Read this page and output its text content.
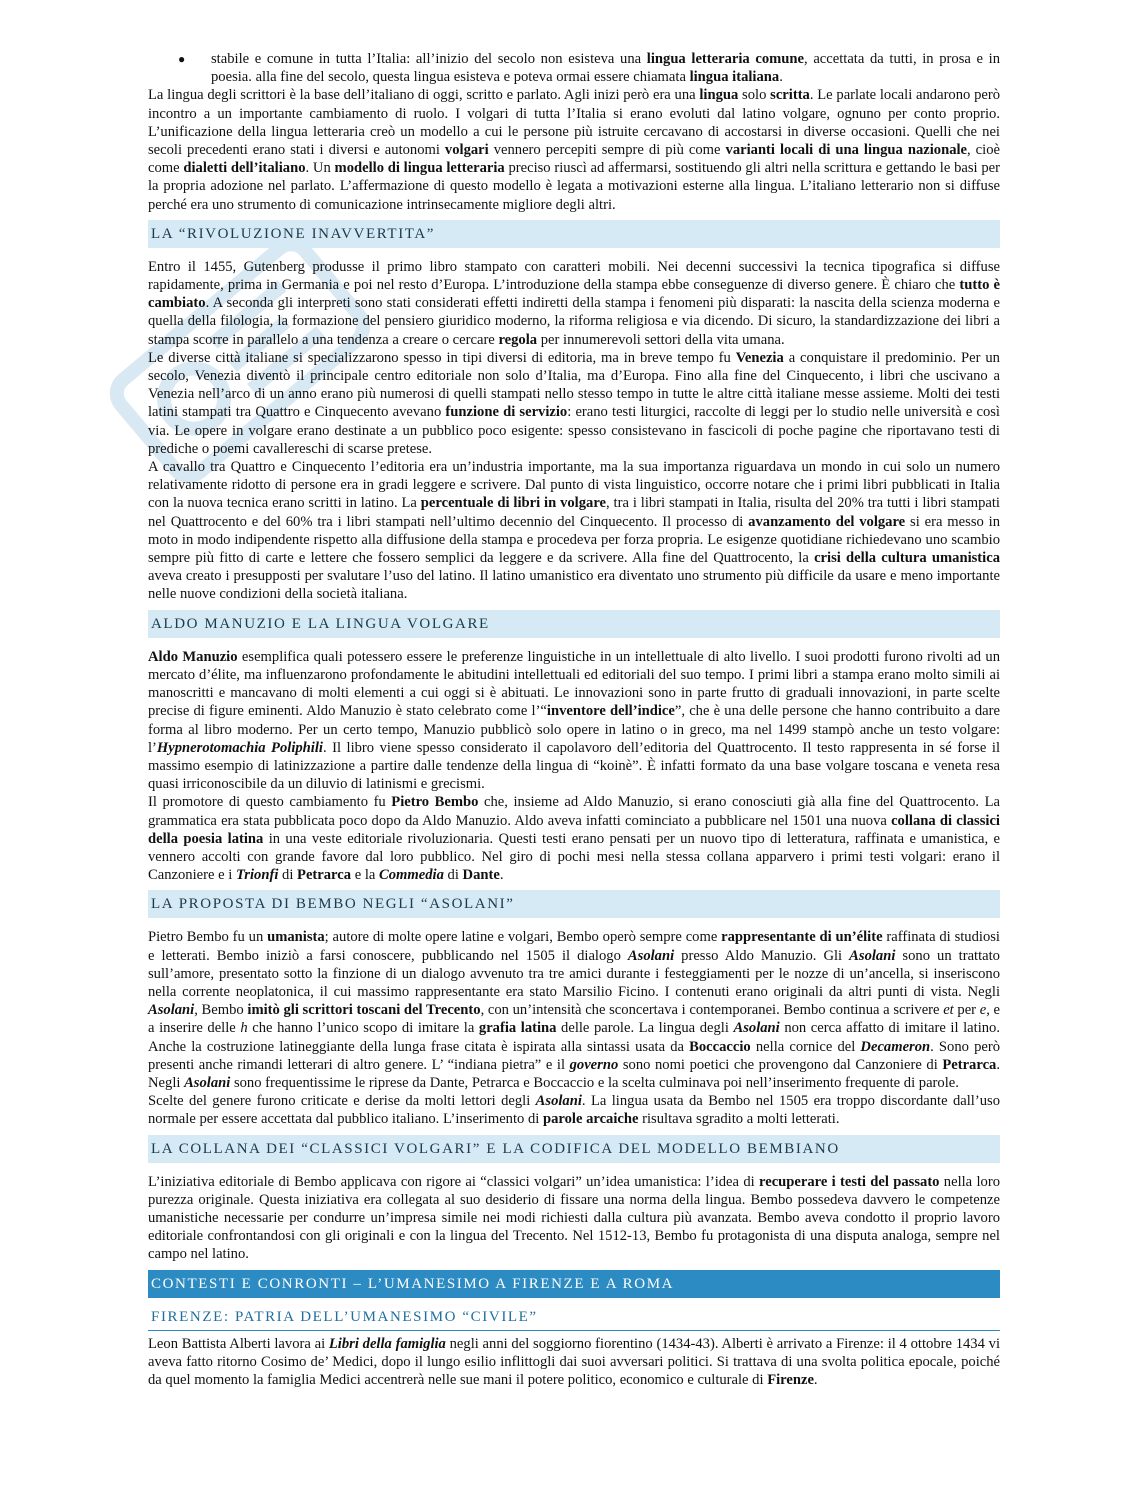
●	stabile e comune in tutta l’Italia: all’inizio del secolo non esisteva una lingua letteraria comune, accettata da tutti, in prosa e in poesia. alla fine del secolo, questa lingua esisteva e poteva ormai essere chiamata lingua italiana.

La lingua degli scrittori è la base dell’italiano di oggi, scritto e parlato. Agli inizi però era una lingua solo scritta. Le parlate locali andarono però incontro a un importante cambiamento di ruolo. I volgari di tutta l’Italia si erano evoluti dal latino volgare, ognuno per conto proprio. L’unificazione della lingua letteraria creò un modello a cui le persone più istruite cercavano di accostarsi in diverse occasioni. Quelli che nei secoli precedenti erano stati i diversi e autonomi volgari vennero percepiti sempre di più come varianti locali di una lingua nazionale, cioè come dialetti dell’italiano. Un modello di lingua letteraria preciso riuscì ad affermarsi, sostituendo gli altri nella scrittura e gettando le basi per la propria adozione nel parlato. L’affermazione di questo modello è legata a motivazioni esterne alla lingua. L’italiano letterario non si diffuse perché era uno strumento di comunicazione intrinsecamente migliore degli altri.

LA “RIVOLUZIONE INAVVERTITA”

Entro il 1455, Gutenberg produsse il primo libro stampato con caratteri mobili. Nei decenni successivi la tecnica tipografica si diffuse rapidamente, prima in Germania e poi nel resto d’Europa. L’introduzione della stampa ebbe conseguenze di diverso genere. È chiaro che tutto è cambiato. A seconda gli interpreti sono stati considerati effetti indiretti della stampa i fenomeni più disparati: la nascita della scienza moderna e quella della filologia, la formazione del pensiero giuridico moderno, la riforma religiosa e via dicendo. Di sicuro, la standardizzazione dei libri a stampa scorre in parallelo a una tendenza a creare o cercare regola per innumerevoli settori della vita umana.

Le diverse città italiane si specializzarono spesso in tipi diversi di editoria, ma in breve tempo fu Venezia a conquistare il predominio. Per un secolo, Venezia diventò il principale centro editoriale non solo d’Italia, ma d’Europa. Fino alla fine del Cinquecento, i libri che uscivano a Venezia nell’arco di un anno erano più numerosi di quelli stampati nello stesso tempo in tutte le altre città italiane messe assieme. Molti dei testi latini stampati tra Quattro e Cinquecento avevano funzione di servizio: erano testi liturgici, raccolte di leggi per lo studio nelle università e così via. Le opere in volgare erano destinate a un pubblico poco esigente: spesso consistevano in fascicoli di poche pagine che riportavano testi di prediche o poemi cavallereschi di scarse pretese.

A cavallo tra Quattro e Cinquecento l’editoria era un’industria importante, ma la sua importanza riguardava un mondo in cui solo un numero relativamente ridotto di persone era in gradi leggere e scrivere. Dal punto di vista linguistico, occorre notare che i primi libri pubblicati in Italia con la nuova tecnica erano scritti in latino. La percentuale di libri in volgare, tra i libri stampati in Italia, risulta del 20% tra tutti i libri stampati nel Quattrocento e del 60% tra i libri stampati nell’ultimo decennio del Cinquecento. Il processo di avanzamento del volgare si era messo in moto in modo indipendente rispetto alla diffusione della stampa e procedeva per forza propria. Le esigenze quotidiane richiedevano uno scambio sempre più fitto di carte e lettere che fossero semplici da leggere e da scrivere. Alla fine del Quattrocento, la crisi della cultura umanistica aveva creato i presupposti per svalutare l’uso del latino. Il latino umanistico era diventato uno strumento più difficile da usare e meno importante nelle nuove condizioni della società italiana.

ALDO MANUZIO E LA LINGUA VOLGARE

Aldo Manuzio esemplifica quali potessero essere le preferenze linguistiche in un intellettuale di alto livello. I suoi prodotti furono rivolti ad un mercato d’élite, ma influenzarono profondamente le abitudini intellettuali ed editoriali del suo tempo. I primi libri a stampa erano molto simili ai manoscritti e mancavano di molti elementi a cui oggi si è abituati. Le innovazioni sono in parte frutto di graduali innovazioni, in parte scelte precise di figure eminenti. Aldo Manuzio è stato celebrato come l’“inventore dell’indice”, che è una delle persone che hanno contribuito a dare forma al libro moderno. Per un certo tempo, Manuzio pubblicò solo opere in latino o in greco, ma nel 1499 stampò anche un testo volgare: l’Hypnerotomachia Poliphili. Il libro viene spesso considerato il capolavoro dell’editoria del Quattrocento. Il testo rappresenta in sé forse il massimo esempio di latinizzazione a partire dalle tendenze della lingua di “koinè”. È infatti formato da una base volgare toscana e veneta resa quasi irriconoscibile da un diluvio di latinismi e grecismi.

Il promotore di questo cambiamento fu Pietro Bembo che, insieme ad Aldo Manuzio, si erano conosciuti già alla fine del Quattrocento. La grammatica era stata pubblicata poco dopo da Aldo Manuzio. Aldo aveva infatti cominciato a pubblicare nel 1501 una nuova collana di classici della poesia latina in una veste editoriale rivoluzionaria. Questi testi erano pensati per un nuovo tipo di letteratura, raffinata e umanistica, e vennero accolti con grande favore dal loro pubblico. Nel giro di pochi mesi nella stessa collana apparvero i primi testi volgari: erano il Canzoniere e i Trionfi di Petrarca e la Commedia di Dante.

LA PROPOSTA DI BEMBO NEGLI “ASOLANI”

Pietro Bembo fu un umanista; autore di molte opere latine e volgari, Bembo operò sempre come rappresentante di un’élite raffinata di studiosi e letterati. Bembo iniziò a farsi conoscere, pubblicando nel 1505 il dialogo Asolani presso Aldo Manuzio. Gli Asolani sono un trattato sull’amore, presentato sotto la finzione di un dialogo avvenuto tra tre amici durante i festeggiamenti per le nozze di un’ancella, si inseriscono nella corrente neoplatonica, il cui massimo rappresentante era stato Marsilio Ficino. I contenuti erano originali da altri punti di vista. Negli Asolani, Bembo imitò gli scrittori toscani del Trecento, con un’intensità che sconcertava i contemporanei. Bembo continua a scrivere et per e, e a inserire delle h che hanno l’unico scopo di imitare la grafia latina delle parole. La lingua degli Asolani non cerca affatto di imitare il latino. Anche la costruzione latineggiante della lunga frase citata è ispirata alla sintassi usata da Boccaccio nella cornice del Decameron. Sono però presenti anche rimandi letterari di altro genere. L’ “indiana pietra” e il governo sono nomi poetici che provengono dal Canzoniere di Petrarca. Negli Asolani sono frequentissime le riprese da Dante, Petrarca e Boccaccio e la scelta culminava poi nell’inserimento frequente di parole.

Scelte del genere furono criticate e derise da molti lettori degli Asolani. La lingua usata da Bembo nel 1505 era troppo discordante dall’uso normale per essere accettata dal pubblico italiano. L’inserimento di parole arcaiche risultava sgradito a molti letterati.

LA COLLANA DEI “CLASSICI VOLGARI” E LA CODIFICA DEL MODELLO BEMBIANO

L’iniziativa editoriale di Bembo applicava con rigore ai “classici volgari” un’idea umanistica: l’idea di recuperare i testi del passato nella loro purezza originale. Questa iniziativa era collegata al suo desiderio di fissare una norma della lingua. Bembo possedeva davvero le competenze umanistiche necessarie per condurre un’impresa simile nei modi richiesti dalla cultura più avanzata. Bembo aveva condotto il proprio lavoro editoriale confrontandosi con gli originali e con la lingua del Trecento. Nel 1512-13, Bembo fu protagonista di una disputa analoga, sempre nel campo nel latino.

CONTESTI E CONRONTI – L’UMANESIMO A FIRENZE E A ROMA
FIRENZE: PATRIA DELL’UMANESIMO “CIVILE”

Leon Battista Alberti lavora ai Libri della famiglia negli anni del soggiorno fiorentino (1434-43). Alberti è arrivato a Firenze: il 4 ottobre 1434 vi aveva fatto ritorno Cosimo de’ Medici, dopo il lungo esilio inflittogli dai suoi avversari politici. Si trattava di una svolta politica epocale, poiché da quel momento la famiglia Medici accentrerà nelle sue mani il potere politico, economico e culturale di Firenze.
